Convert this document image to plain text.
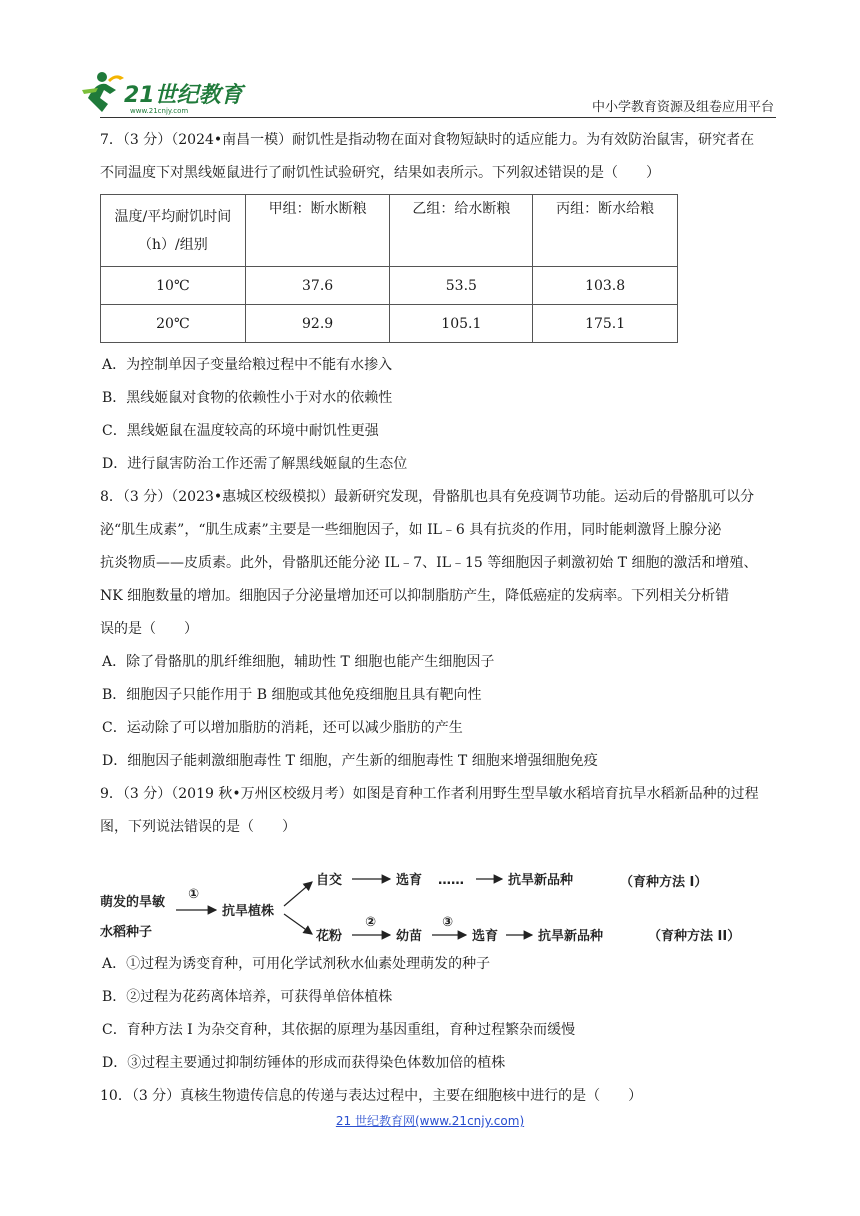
21世纪教育
www.21cnjy.com	中小学教育资源及组卷应用平台
7．（3 分）（2024•南昌一模）耐饥性是指动物在面对食物短缺时的适应能力。为有效防治鼠害，研究者在
不同温度下对黑线姬鼠进行了耐饥性试验研究，结果如表所示。下列叙述错误的是（　　）
温度/平均耐饥时间
（h）/组别	甲组：断水断粮	乙组：给水断粮	丙组：断水给粮
10℃	37.6	53.5	103.8
20℃	92.9	105.1	175.1
A．为控制单因子变量给粮过程中不能有水掺入
B．黑线姬鼠对食物的依赖性小于对水的依赖性
C．黑线姬鼠在温度较高的环境中耐饥性更强
D．进行鼠害防治工作还需了解黑线姬鼠的生态位
8．（3 分）（2023•惠城区校级模拟）最新研究发现，骨骼肌也具有免疫调节功能。运动后的骨骼肌可以分
泌“肌生成素”，“肌生成素”主要是一些细胞因子，如 IL﹣6 具有抗炎的作用，同时能刺激肾上腺分泌
抗炎物质——皮质素。此外，骨骼肌还能分泌 IL﹣7、IL﹣15 等细胞因子刺激初始 T 细胞的激活和增殖、
NK 细胞数量的增加。细胞因子分泌量增加还可以抑制脂肪产生，降低癌症的发病率。下列相关分析错
误的是（　　）
A．除了骨骼肌的肌纤维细胞，辅助性 T 细胞也能产生细胞因子
B．细胞因子只能作用于 B 细胞或其他免疫细胞且具有靶向性
C．运动除了可以增加脂肪的消耗，还可以减少脂肪的产生
D．细胞因子能刺激细胞毒性 T 细胞，产生新的细胞毒性 T 细胞来增强细胞免疫
9．（3 分）（2019 秋•万州区校级月考）如图是育种工作者利用野生型旱敏水稻培育抗旱水稻新品种的过程
图，下列说法错误的是（　　）
萌发的旱敏
水稻种子
①
抗旱植株
自交	选育 ……	抗旱新品种	（育种方法 I）
花粉
②
幼苗
③
选育	抗旱新品种	（育种方法 II）
A．①过程为诱变育种，可用化学试剂秋水仙素处理萌发的种子
B．②过程为花药离体培养，可获得单倍体植株
C．育种方法 I 为杂交育种，其依据的原理为基因重组，育种过程繁杂而缓慢
D．③过程主要通过抑制纺锤体的形成而获得染色体数加倍的植株
10．（3 分）真核生物遗传信息的传递与表达过程中，主要在细胞核中进行的是（　　）
21 世纪教育网(www.21cnjy.com)
